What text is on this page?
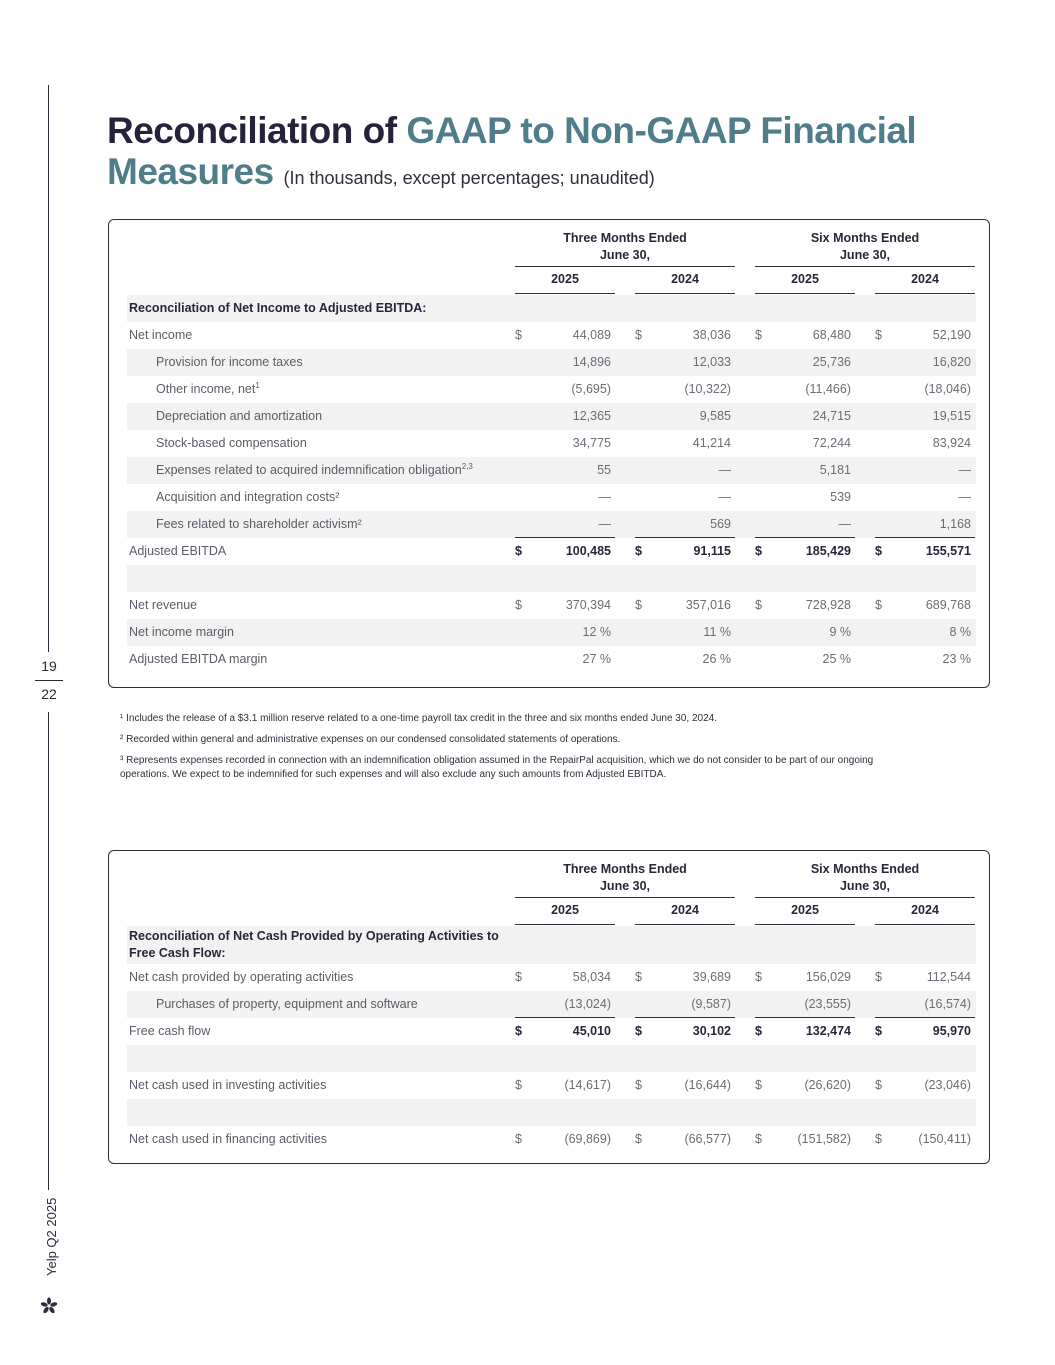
19
22
Yelp Q2 2025
Reconciliation of GAAP to Non-GAAP Financial Measures (In thousands, except percentages; unaudited)
Three Months Ended
June 30,
Six Months Ended
June 30,
2025	2024	2025	2024
Reconciliation of Net Income to Adjusted EBITDA:
Net income	$	44,089 $	38,036 $	68,480 $	52,190
Provision for income taxes	14,896	12,033	25,736	16,820
Other income, net$^1$	(5,695)	(10,322)	(11,466)	(18,046)
Depreciation and amortization	12,365	9,585	24,715	19,515
Stock-based compensation	34,775	41,214	72,244	83,924
Expenses related to acquired indemnification obligation$^{2,3}$	55	—	5,181	—
Acquisition and integration costs²	—	—	539	—
Fees related to shareholder activism²	—	569	—	1,168
Adjusted EBITDA	$	100,485 $	91,115 $	185,429 $	155,571
Net revenue	$	370,394 $	357,016 $	728,928 $	689,768
Net income margin	12 %	11 %	9 %	8 %
Adjusted EBITDA margin	27 %	26 %	25 %	23 %

¹ Includes the release of a $3.1 million reserve related to a one-time payroll tax credit in the three and six months ended June 30, 2024.

² Recorded within general and administrative expenses on our condensed consolidated statements of operations.

³ Represents expenses recorded in connection with an indemnification obligation assumed in the RepairPal acquisition, which we do not consider to be part of our ongoing operations. We expect to be indemnified for such expenses and will also exclude any such amounts from Adjusted EBITDA.

Three Months Ended
June 30,
Six Months Ended
June 30,
2025	2024	2025	2024
Reconciliation of Net Cash Provided by Operating Activities to Free Cash Flow:
Net cash provided by operating activities	$	58,034 $	39,689 $	156,029 $	112,544
Purchases of property, equipment and software	(13,024)	(9,587)	(23,555)	(16,574)
Free cash flow	$	45,010 $	30,102 $	132,474 $	95,970
Net cash used in investing activities	$	(14,617) $	(16,644) $	(26,620) $	(23,046)
Net cash used in financing activities	$	(69,869) $	(66,577) $	(151,582) $	(150,411)
